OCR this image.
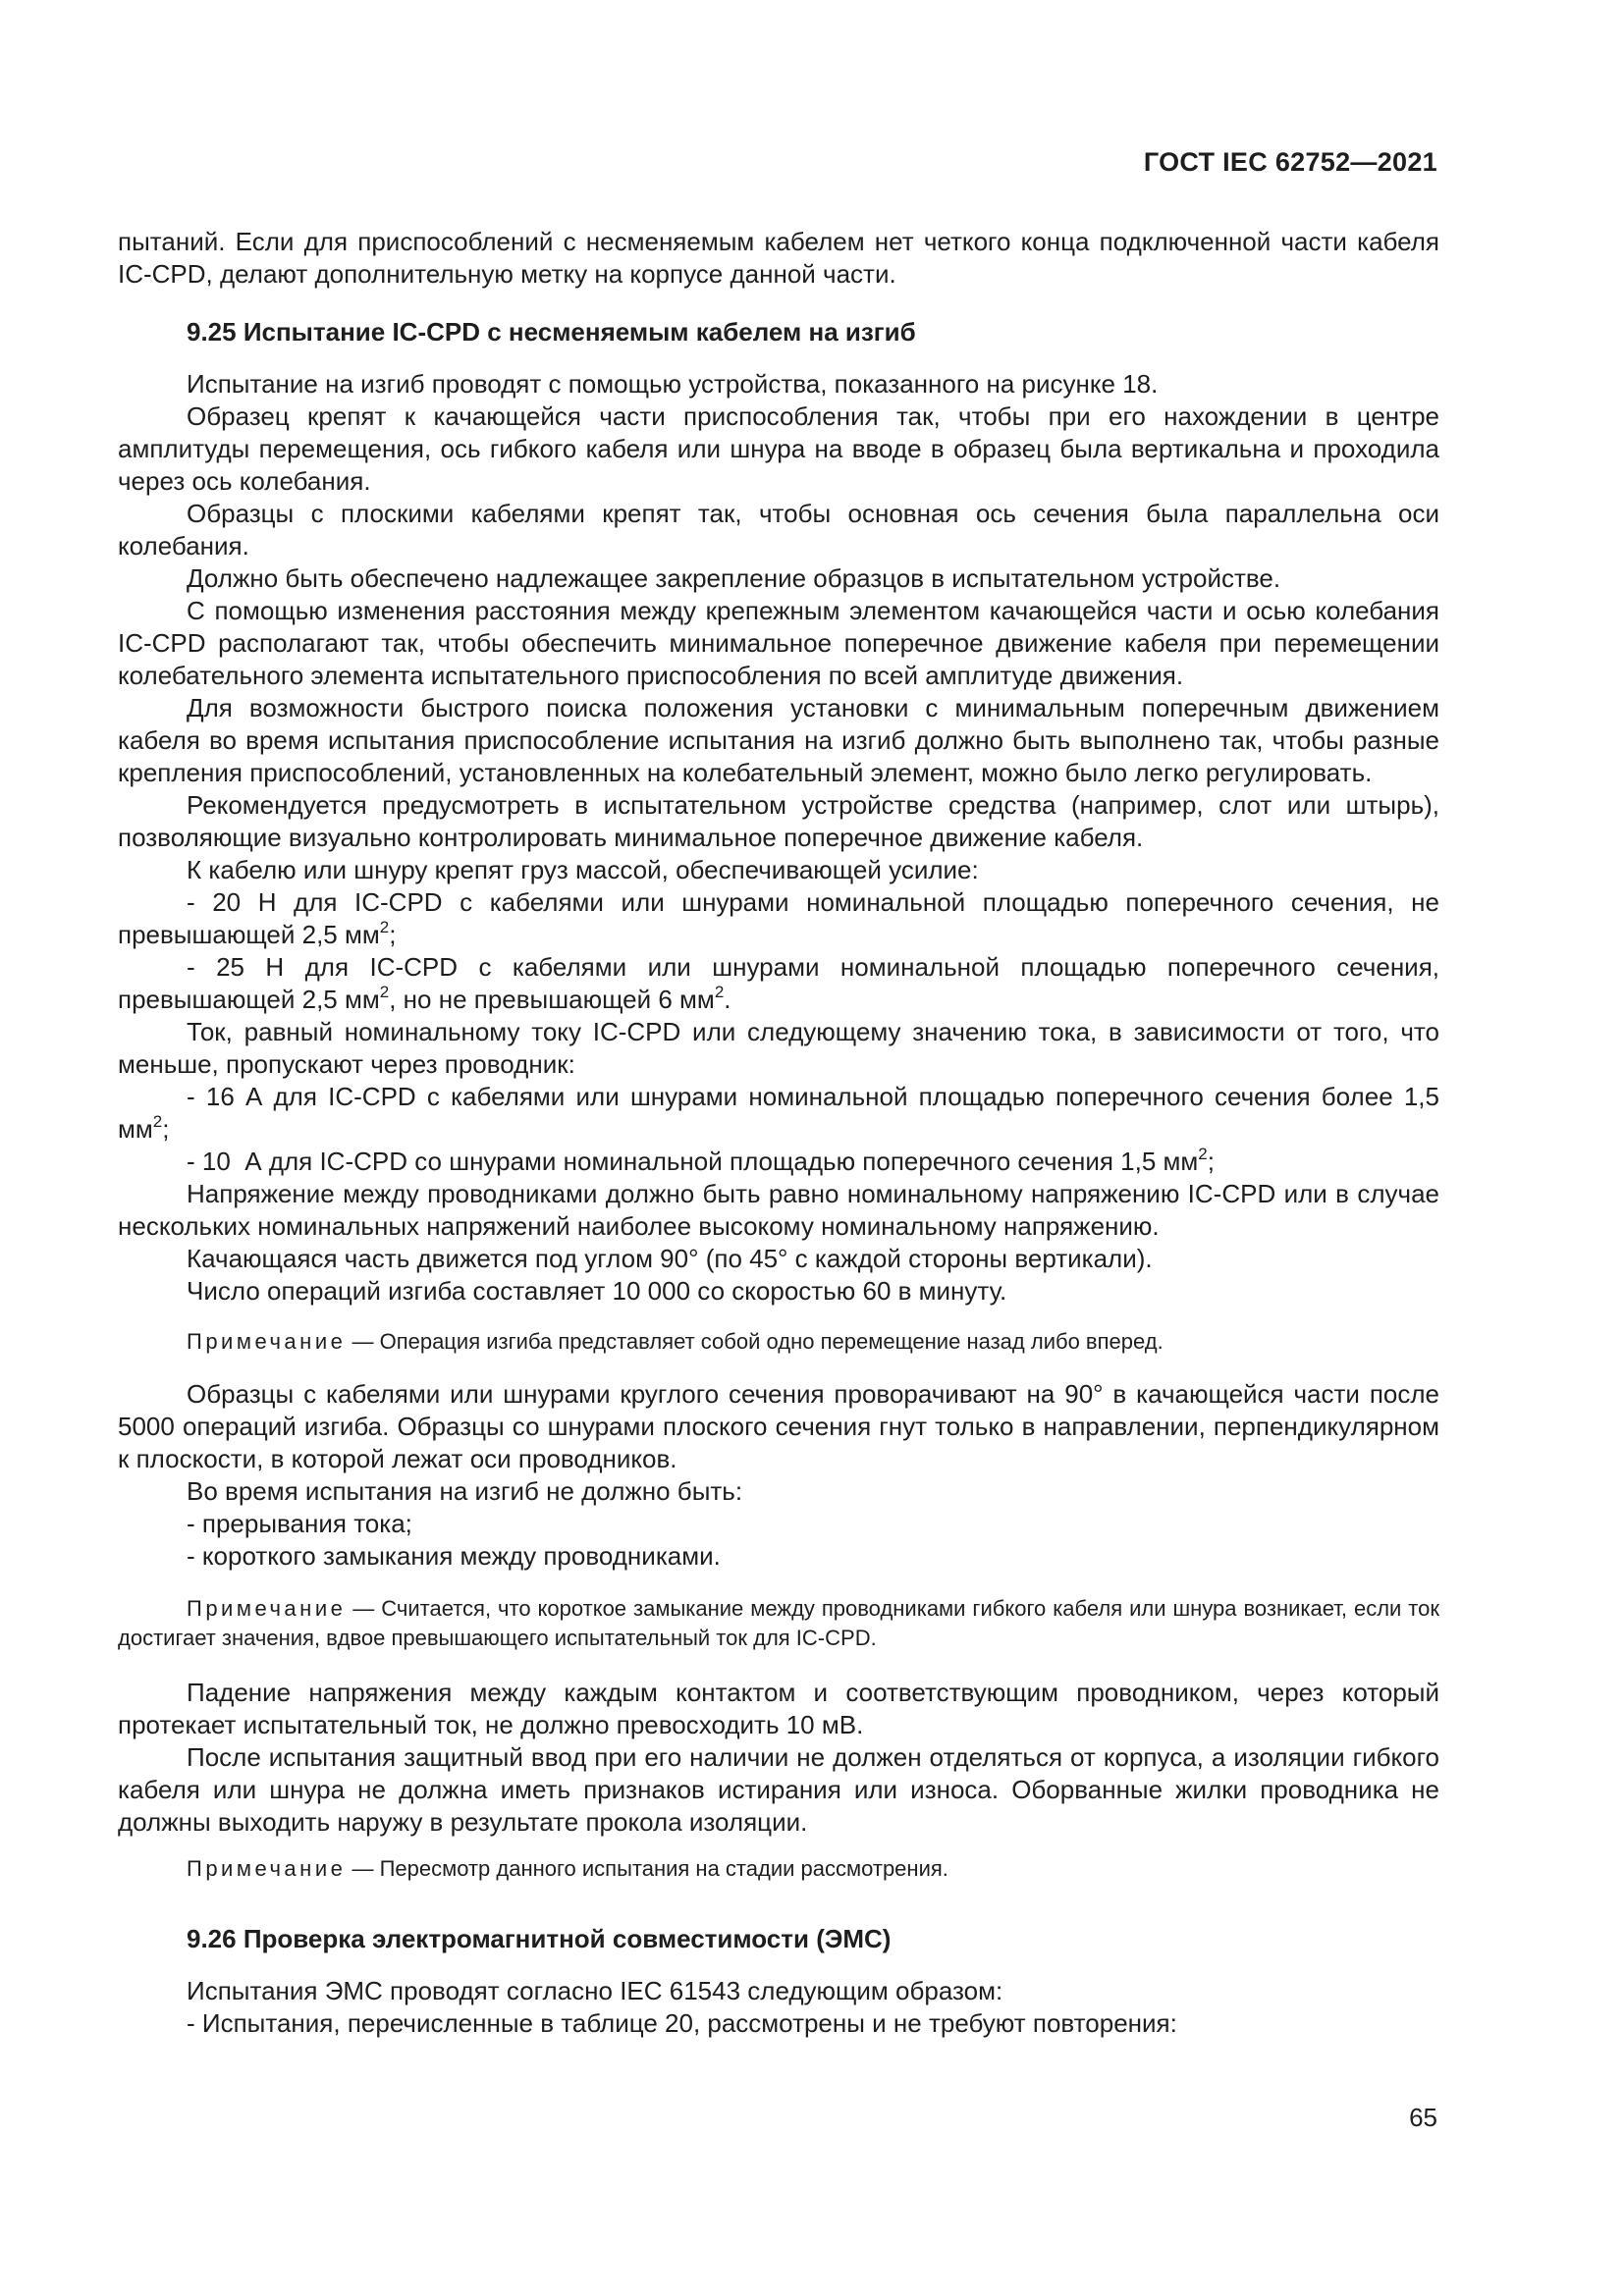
ГОСТ IEC 62752—2021

пытаний. Если для приспособлений с несменяемым кабелем нет четкого конца подключенной части кабеля IC-CPD, делают дополнительную метку на корпусе данной части.

9.25 Испытание IC-CPD с несменяемым кабелем на изгиб

Испытание на изгиб проводят с помощью устройства, показанного на рисунке 18.

Образец крепят к качающейся части приспособления так, чтобы при его нахождении в центре амплитуды перемещения, ось гибкого кабеля или шнура на вводе в образец была вертикальна и проходила через ось колебания.

Образцы с плоскими кабелями крепят так, чтобы основная ось сечения была параллельна оси колебания.

Должно быть обеспечено надлежащее закрепление образцов в испытательном устройстве.

С помощью изменения расстояния между крепежным элементом качающейся части и осью колебания IC-CPD располагают так, чтобы обеспечить минимальное поперечное движение кабеля при перемещении колебательного элемента испытательного приспособления по всей амплитуде движения.

Для возможности быстрого поиска положения установки с минимальным поперечным движением кабеля во время испытания приспособление испытания на изгиб должно быть выполнено так, чтобы разные крепления приспособлений, установленных на колебательный элемент, можно было легко регулировать.

Рекомендуется предусмотреть в испытательном устройстве средства (например, слот или штырь), позволяющие визуально контролировать минимальное поперечное движение кабеля.

К кабелю или шнуру крепят груз массой, обеспечивающей усилие:

- 20 Н для IC-CPD с кабелями или шнурами номинальной площадью поперечного сечения, не превышающей 2,5 $мм^2$;

- 25 Н для IC-CPD с кабелями или шнурами номинальной площадью поперечного сечения, превышающей 2,5 $мм^2$, но не превышающей 6 $мм^2$.

Ток, равный номинальному току IC-CPD или следующему значению тока, в зависимости от того, что меньше, пропускают через проводник:

- 16 А для IC-CPD с кабелями или шнурами номинальной площадью поперечного сечения более 1,5 $мм^2$;

- 10  А для IC-CPD со шнурами номинальной площадью поперечного сечения 1,5 $мм^2$;

Напряжение между проводниками должно быть равно номинальному напряжению IC-CPD или в случае нескольких номинальных напряжений наиболее высокому номинальному напряжению.

Качающаяся часть движется под углом 90° (по 45° с каждой стороны вертикали).

Число операций изгиба составляет 10 000 со скоростью 60 в минуту.

Примечание — Операция изгиба представляет собой одно перемещение назад либо вперед.

Образцы с кабелями или шнурами круглого сечения проворачивают на 90° в качающейся части после 5000 операций изгиба. Образцы со шнурами плоского сечения гнут только в направлении, перпендикулярном к плоскости, в которой лежат оси проводников.

Во время испытания на изгиб не должно быть:

- прерывания тока;

- короткого замыкания между проводниками.

Примечание — Считается, что короткое замыкание между проводниками гибкого кабеля или шнура возникает, если ток достигает значения, вдвое превышающего испытательный ток для IC-CPD.

Падение напряжения между каждым контактом и соответствующим проводником, через который протекает испытательный ток, не должно превосходить 10 мВ.

После испытания защитный ввод при его наличии не должен отделяться от корпуса, а изоляции гибкого кабеля или шнура не должна иметь признаков истирания или износа. Оборванные жилки проводника не должны выходить наружу в результате прокола изоляции.

Примечание — Пересмотр данного испытания на стадии рассмотрения.

9.26 Проверка электромагнитной совместимости (ЭМС)

Испытания ЭМС проводят согласно IEC 61543 следующим образом:

- Испытания, перечисленные в таблице 20, рассмотрены и не требуют повторения:

65
